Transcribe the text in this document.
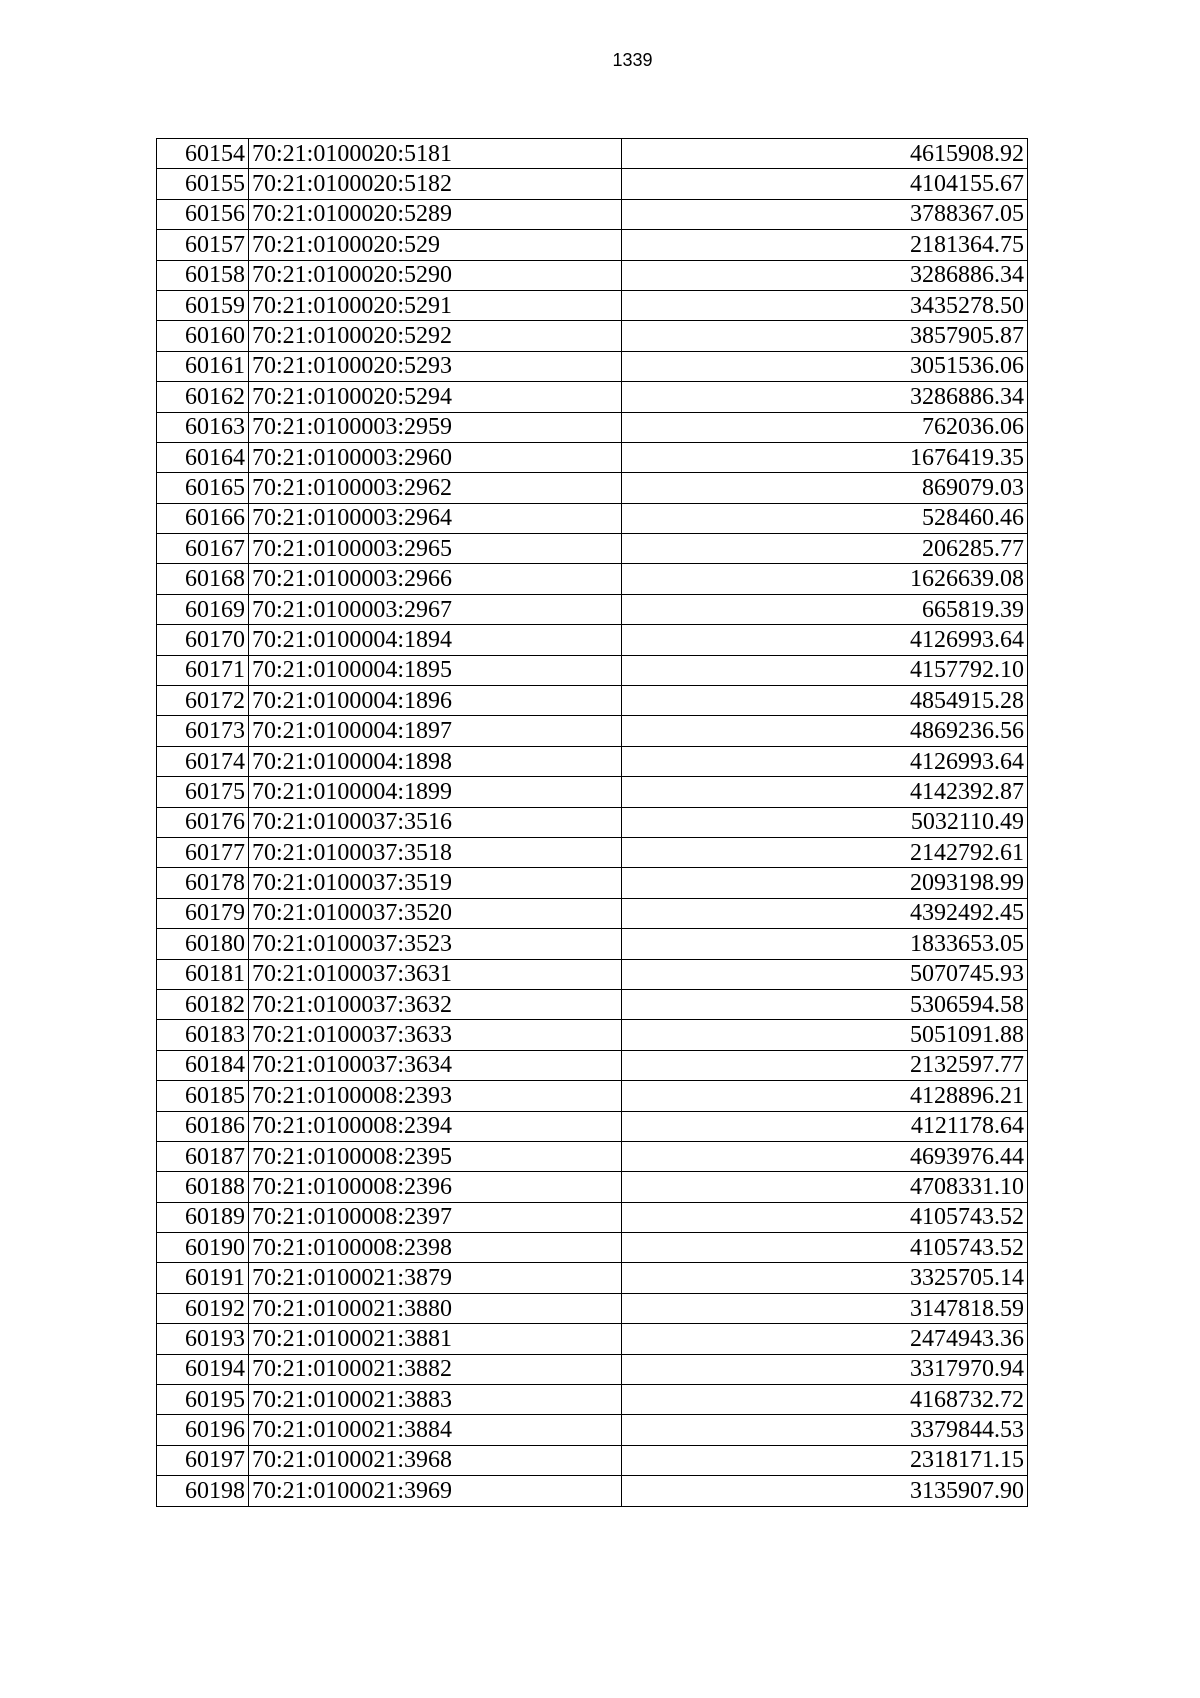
1339
60154	70:21:0100020:5181	4615908.92
60155	70:21:0100020:5182	4104155.67
60156	70:21:0100020:5289	3788367.05
60157	70:21:0100020:529	2181364.75
60158	70:21:0100020:5290	3286886.34
60159	70:21:0100020:5291	3435278.50
60160	70:21:0100020:5292	3857905.87
60161	70:21:0100020:5293	3051536.06
60162	70:21:0100020:5294	3286886.34
60163	70:21:0100003:2959	762036.06
60164	70:21:0100003:2960	1676419.35
60165	70:21:0100003:2962	869079.03
60166	70:21:0100003:2964	528460.46
60167	70:21:0100003:2965	206285.77
60168	70:21:0100003:2966	1626639.08
60169	70:21:0100003:2967	665819.39
60170	70:21:0100004:1894	4126993.64
60171	70:21:0100004:1895	4157792.10
60172	70:21:0100004:1896	4854915.28
60173	70:21:0100004:1897	4869236.56
60174	70:21:0100004:1898	4126993.64
60175	70:21:0100004:1899	4142392.87
60176	70:21:0100037:3516	5032110.49
60177	70:21:0100037:3518	2142792.61
60178	70:21:0100037:3519	2093198.99
60179	70:21:0100037:3520	4392492.45
60180	70:21:0100037:3523	1833653.05
60181	70:21:0100037:3631	5070745.93
60182	70:21:0100037:3632	5306594.58
60183	70:21:0100037:3633	5051091.88
60184	70:21:0100037:3634	2132597.77
60185	70:21:0100008:2393	4128896.21
60186	70:21:0100008:2394	4121178.64
60187	70:21:0100008:2395	4693976.44
60188	70:21:0100008:2396	4708331.10
60189	70:21:0100008:2397	4105743.52
60190	70:21:0100008:2398	4105743.52
60191	70:21:0100021:3879	3325705.14
60192	70:21:0100021:3880	3147818.59
60193	70:21:0100021:3881	2474943.36
60194	70:21:0100021:3882	3317970.94
60195	70:21:0100021:3883	4168732.72
60196	70:21:0100021:3884	3379844.53
60197	70:21:0100021:3968	2318171.15
60198	70:21:0100021:3969	3135907.90
